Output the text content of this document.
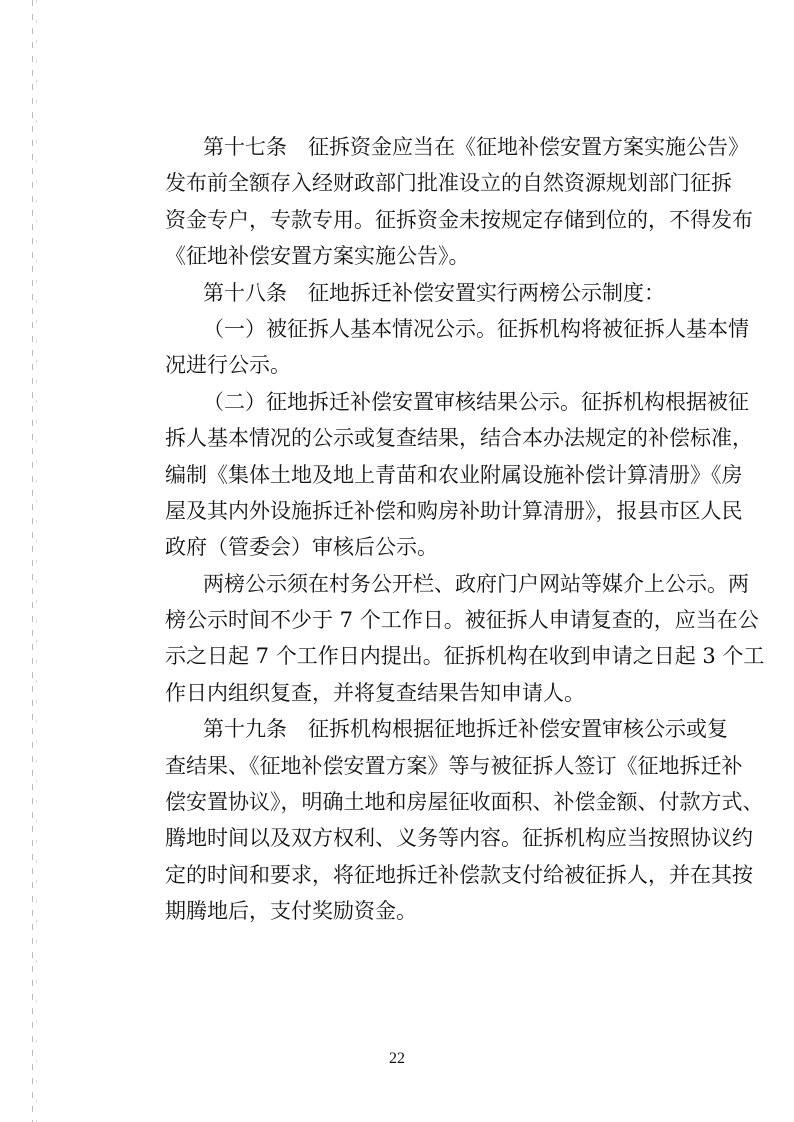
第十七条　征拆资金应当在《征地补偿安置方案实施公告》
发布前全额存入经财政部门批准设立的自然资源规划部门征拆
资金专户，专款专用。征拆资金未按规定存储到位的，不得发布
《征地补偿安置方案实施公告》。
第十八条　征地拆迁补偿安置实行两榜公示制度：
（一）被征拆人基本情况公示。征拆机构将被征拆人基本情
况进行公示。
（二）征地拆迁补偿安置审核结果公示。征拆机构根据被征
拆人基本情况的公示或复查结果，结合本办法规定的补偿标准，
编制《集体土地及地上青苗和农业附属设施补偿计算清册》《房
屋及其内外设施拆迁补偿和购房补助计算清册》，报县市区人民
政府（管委会）审核后公示。
两榜公示须在村务公开栏、政府门户网站等媒介上公示。两
榜公示时间不少于 7 个工作日。被征拆人申请复查的，应当在公
示之日起 7 个工作日内提出。征拆机构在收到申请之日起 3 个工
作日内组织复查，并将复查结果告知申请人。
第十九条　征拆机构根据征地拆迁补偿安置审核公示或复
查结果、《征地补偿安置方案》等与被征拆人签订《征地拆迁补
偿安置协议》，明确土地和房屋征收面积、补偿金额、付款方式、
腾地时间以及双方权利、义务等内容。征拆机构应当按照协议约
定的时间和要求，将征地拆迁补偿款支付给被征拆人，并在其按
期腾地后，支付奖励资金。
22
